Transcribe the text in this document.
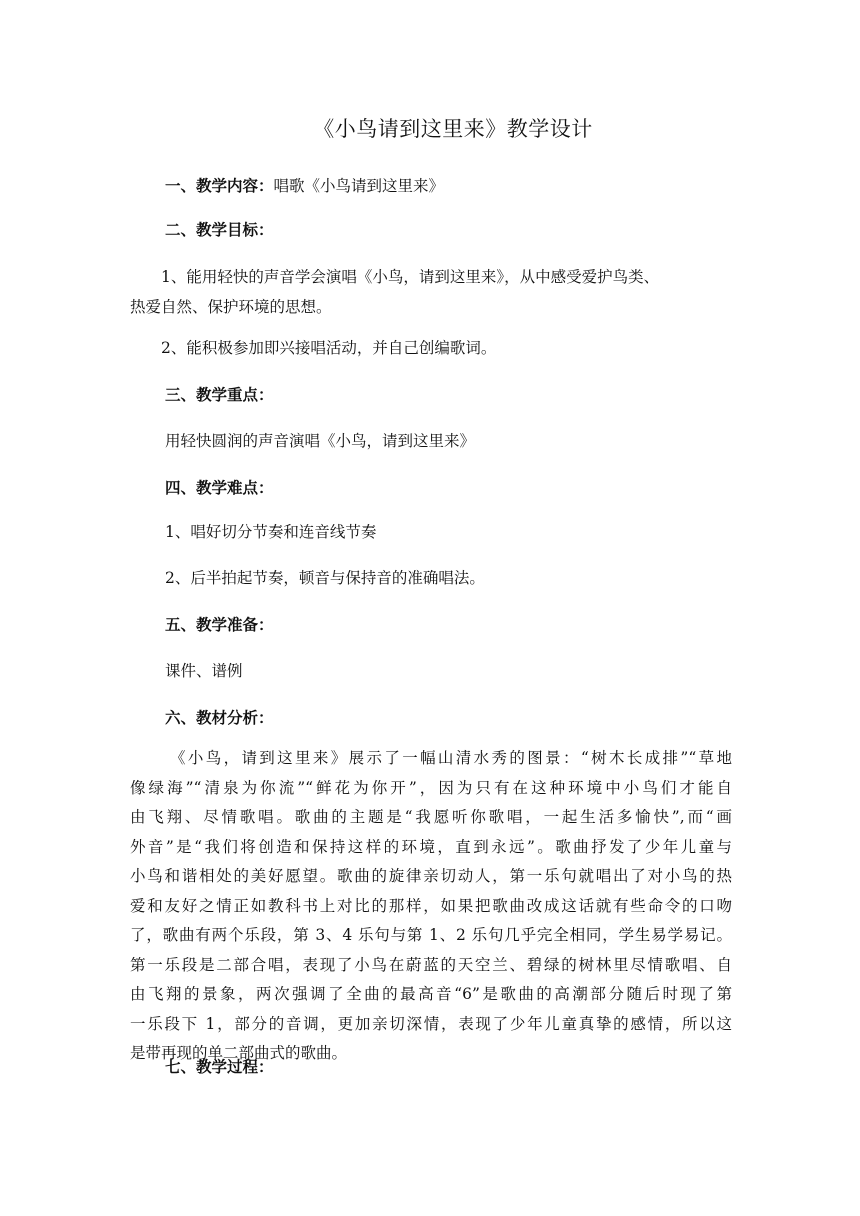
《小鸟请到这里来》教学设计
一、教学内容：唱歌《小鸟请到这里来》
二、教学目标：
1、能用轻快的声音学会演唱《小鸟，请到这里来》，从中感受爱护鸟类、
热爱自然、保护环境的思想。
2、能积极参加即兴接唱活动，并自己创编歌词。
三、教学重点：
用轻快圆润的声音演唱《小鸟，请到这里来》
四、教学难点：
1、唱好切分节奏和连音线节奏
2、后半拍起节奏，顿音与保持音的准确唱法。
五、教学准备：
课件、谱例
六、教材分析：
《小鸟，请到这里来》展示了一幅山清水秀的图景：“树木长成排”“草地
像绿海”“清泉为你流”“鲜花为你开”，因为只有在这种环境中小鸟们才能自
由飞翔、尽情歌唱。歌曲的主题是“我愿听你歌唱，一起生活多愉快”,而“画
外音”是“我们将创造和保持这样的环境，直到永远”。歌曲抒发了少年儿童与
小鸟和谐相处的美好愿望。歌曲的旋律亲切动人，第一乐句就唱出了对小鸟的热
爱和友好之情正如教科书上对比的那样，如果把歌曲改成这话就有些命令的口吻
了，歌曲有两个乐段，第 3、4 乐句与第 1、2 乐句几乎完全相同，学生易学易记。
第一乐段是二部合唱，表现了小鸟在蔚蓝的天空兰、碧绿的树林里尽情歌唱、自
由飞翔的景象，两次强调了全曲的最高音“6”是歌曲的高潮部分随后时现了第
一乐段下 1，部分的音调，更加亲切深情，表现了少年儿童真挚的感情，所以这
是带再现的单二部曲式的歌曲。
七、教学过程：
